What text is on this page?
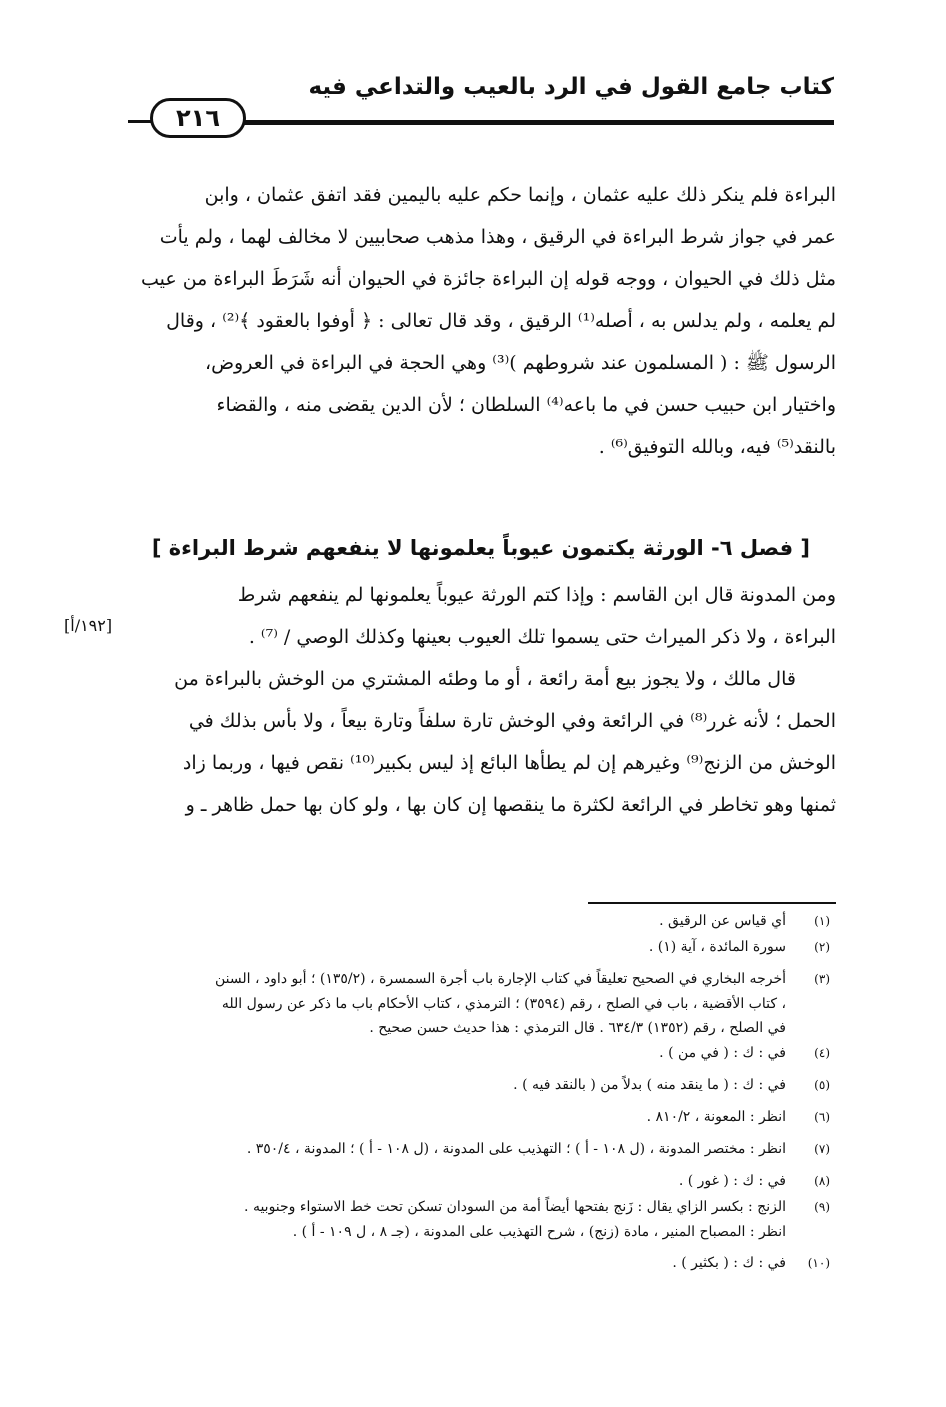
كتاب جامع القول في الرد بالعيب والتداعي فيه
٢١٦
البراءة فلم ينكر ذلك عليه عثمان ، وإنما حكم عليه باليمين فقد اتفق عثمان ، وابن
عمر في جواز شرط البراءة في الرقيق ، وهذا مذهب صحابيين لا مخالف لهما ، ولم يأت
مثل ذلك في الحيوان ، ووجه قوله إن البراءة جائزة في الحيوان أنه شَرَطَ البراءة من عيب
لم يعلمه ، ولم يدلس به ، أصله⁽¹⁾ الرقيق ، وقد قال تعالى : ﴿ أوفوا بالعقود ﴾⁽²⁾ ، وقال
الرسول ﷺ : ( المسلمون عند شروطهم )⁽³⁾ وهي الحجة في البراءة في العروض،
واختيار ابن حبيب حسن في ما باعه⁽⁴⁾ السلطان ؛ لأن الدين يقضى منه ، والقضاء
بالنقد⁽⁵⁾ فيه، وبالله التوفيق⁽⁶⁾ .
[ فصل ٦- الورثة يكتمون عيوباً يعلمونها لا ينفعهم شرط البراءة ]
ومن المدونة قال ابن القاسم : وإذا كتم الورثة عيوباً يعلمونها لم ينفعهم شرط
البراءة ، ولا ذكر الميراث حتى يسموا تلك العيوب بعينها وكذلك الوصي / ⁽⁷⁾ .
[١٩٢/أ]
قال مالك ، ولا يجوز بيع أمة رائعة ، أو ما وطئه المشتري من الوخش بالبراءة من
الحمل ؛ لأنه غرر⁽⁸⁾ في الرائعة وفي الوخش تارة سلفاً وتارة بيعاً ، ولا بأس بذلك في
الوخش من الزنج⁽⁹⁾ وغيرهم إن لم يطأها البائع إذ ليس بكبير⁽¹⁰⁾ نقص فيها ، وربما زاد
ثمنها وهو تخاطر في الرائعة لكثرة ما ينقصها إن كان بها ، ولو كان بها حمل ظاهر ـ و
(١)
أي قياس عن الرقيق .
(٢)
سورة المائدة ، آية (١) .
(٣)
أخرجه البخاري في الصحيح تعليقاً في كتاب الإجارة باب أجرة السمسرة ، (١٣٥/٢) ؛ أبو داود ، السنن
، كتاب الأقضية ، باب في الصلح ، رقم (٣٥٩٤) ؛ الترمذي ، كتاب الأحكام باب ما ذكر عن رسول الله
في الصلح ، رقم (١٣٥٢) ٦٣٤/٣ . قال الترمذي : هذا حديث حسن صحيح .
(٤)
في : ك : ( في من ) .
(٥)
في : ك : ( ما ينقد منه ) بدلاً من ( بالنقد فيه ) .
(٦)
انظر : المعونة ، ٨١٠/٢ .
(٧)
انظر : مختصر المدونة ، (ل ١٠٨ - أ ) ؛ التهذيب على المدونة ، (ل ١٠٨ - أ ) ؛ المدونة ، ٣٥٠/٤ .
(٨)
في : ك : ( غور ) .
(٩)
الزنج : بكسر الزاي يقال : زَنج بفتحها أيضاً أمة من السودان تسكن تحت خط الاستواء وجنوبيه .
انظر : المصباح المنير ، مادة (زنج) ، شرح التهذيب على المدونة ، (جـ ٨ ، ل ١٠٩ - أ ) .
(١٠)
في : ك : ( بكثير ) .
